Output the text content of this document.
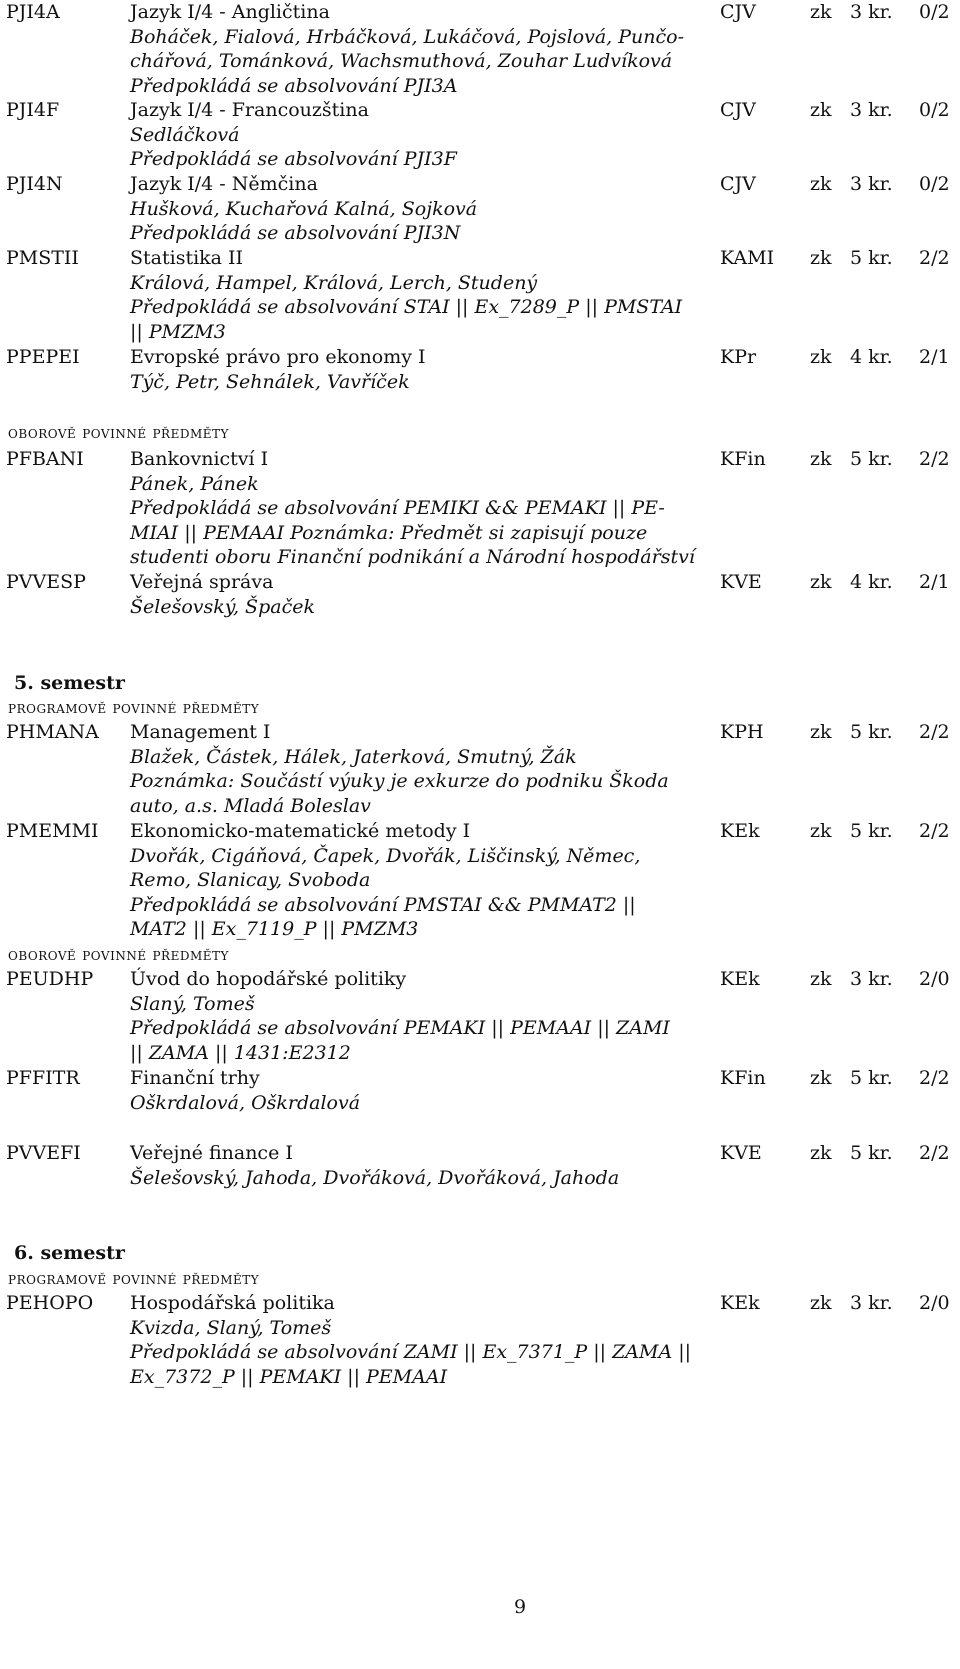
oborově povinné předměty
5. semestr
programově povinné předměty
oborově povinné předměty
6. semestr
programově povinné předměty
9
PJI4A	Jazyk I/4 - Angličtina	CJV	zk 3 kr. 0/2
Boháček, Fialová, Hrbáčková, Lukáčová, Pojslová, Punčo-
chářová, Tománková, Wachsmuthová, Zouhar Ludvíková
Předpokládá se absolvování PJI3A
PJI4F	Jazyk I/4 - Francouzština	CJV	zk 3 kr. 0/2
Sedláčková
Předpokládá se absolvování PJI3F
PJI4N	Jazyk I/4 - Němčina	CJV	zk 3 kr. 0/2
Hušková, Kuchařová Kalná, Sojková
Předpokládá se absolvování PJI3N
PMSTII	Statistika II	KAMI zk 5 kr. 2/2
Králová, Hampel, Králová, Lerch, Studený
Předpokládá se absolvování STAI || Ex_7289_P || PMSTAI
|| PMZM3
PPEPEI	Evropské právo pro ekonomy I	KPr	zk 4 kr. 2/1
Týč, Petr, Sehnálek, Vavříček
PFBANI Bankovnictví I	KFin zk 5 kr. 2/2
Pánek, Pánek
Předpokládá se absolvování PEMIKI && PEMAKI || PE-
MIAI || PEMAAI Poznámka: Předmět si zapisují pouze
studenti oboru Finanční podnikání a Národní hospodářství
PVVESP Veřejná správa	KVE	zk 4 kr. 2/1
Šelešovský, Špaček
PHMANA Management I	KPH zk 5 kr. 2/2
Blažek, Částek, Hálek, Jaterková, Smutný, Žák
Poznámka: Součástí výuky je exkurze do podniku Škoda
auto, a.s. Mladá Boleslav
PMEMMI Ekonomicko-matematické metody I	KEk	zk 5 kr. 2/2
Dvořák, Cigáňová, Čapek, Dvořák, Liščinský, Němec,
Remo, Slanicay, Svoboda
Předpokládá se absolvování PMSTAI && PMMAT2 ||
MAT2 || Ex_7119_P || PMZM3
PEUDHP Úvod do hopodářské politiky	KEk	zk 3 kr. 2/0
Slaný, Tomeš
Předpokládá se absolvování PEMAKI || PEMAAI || ZAMI
|| ZAMA || 1431:E2312
PFFITR	Finanční trhy	KFin zk 5 kr. 2/2
Oškrdalová, Oškrdalová
PVVEFI	Veřejné finance I	KVE	zk 5 kr. 2/2
Šelešovský, Jahoda, Dvořáková, Dvořáková, Jahoda
PEHOPO Hospodářská politika	KEk	zk 3 kr. 2/0
Kvizda, Slaný, Tomeš
Předpokládá se absolvování ZAMI || Ex_7371_P || ZAMA ||
Ex_7372_P || PEMAKI || PEMAAI
